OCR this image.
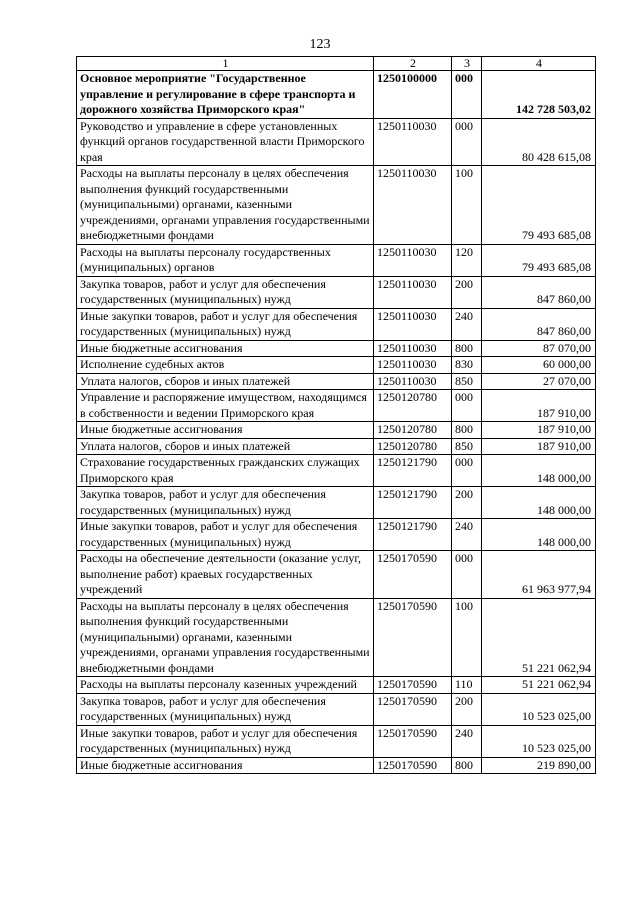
123
1	2	3	4
Основное мероприятие "Государственное управление и регулирование в сфере транспорта и дорожного хозяйства Приморского края"	1250100000	000	142 728 503,02
Руководство и управление в сфере установленных функций органов государственной власти Приморского края	1250110030	000	80 428 615,08
Расходы на выплаты персоналу в целях обеспечения выполнения функций государственными (муниципальными) органами, казенными учреждениями, органами управления государственными внебюджетными фондами	1250110030	100	79 493 685,08
Расходы на выплаты персоналу государственных (муниципальных) органов	1250110030	120	79 493 685,08
Закупка товаров, работ и услуг для обеспечения государственных (муниципальных) нужд	1250110030	200	847 860,00
Иные закупки товаров, работ и услуг для обеспечения государственных (муниципальных) нужд	1250110030	240	847 860,00
Иные бюджетные ассигнования	1250110030	800	87 070,00
Исполнение судебных актов	1250110030	830	60 000,00
Уплата налогов, сборов и иных платежей	1250110030	850	27 070,00
Управление и распоряжение имуществом, находящимся в собственности и ведении Приморского края	1250120780	000	187 910,00
Иные бюджетные ассигнования	1250120780	800	187 910,00
Уплата налогов, сборов и иных платежей	1250120780	850	187 910,00
Страхование государственных гражданских служащих Приморского края	1250121790	000	148 000,00
Закупка товаров, работ и услуг для обеспечения государственных (муниципальных) нужд	1250121790	200	148 000,00
Иные закупки товаров, работ и услуг для обеспечения государственных (муниципальных) нужд	1250121790	240	148 000,00
Расходы на обеспечение деятельности (оказание услуг, выполнение работ) краевых государственных учреждений	1250170590	000	61 963 977,94
Расходы на выплаты персоналу в целях обеспечения выполнения функций государственными (муниципальными) органами, казенными учреждениями, органами управления государственными внебюджетными фондами	1250170590	100	51 221 062,94
Расходы на выплаты персоналу казенных учреждений	1250170590	110	51 221 062,94
Закупка товаров, работ и услуг для обеспечения государственных (муниципальных) нужд	1250170590	200	10 523 025,00
Иные закупки товаров, работ и услуг для обеспечения государственных (муниципальных) нужд	1250170590	240	10 523 025,00
Иные бюджетные ассигнования	1250170590	800	219 890,00
